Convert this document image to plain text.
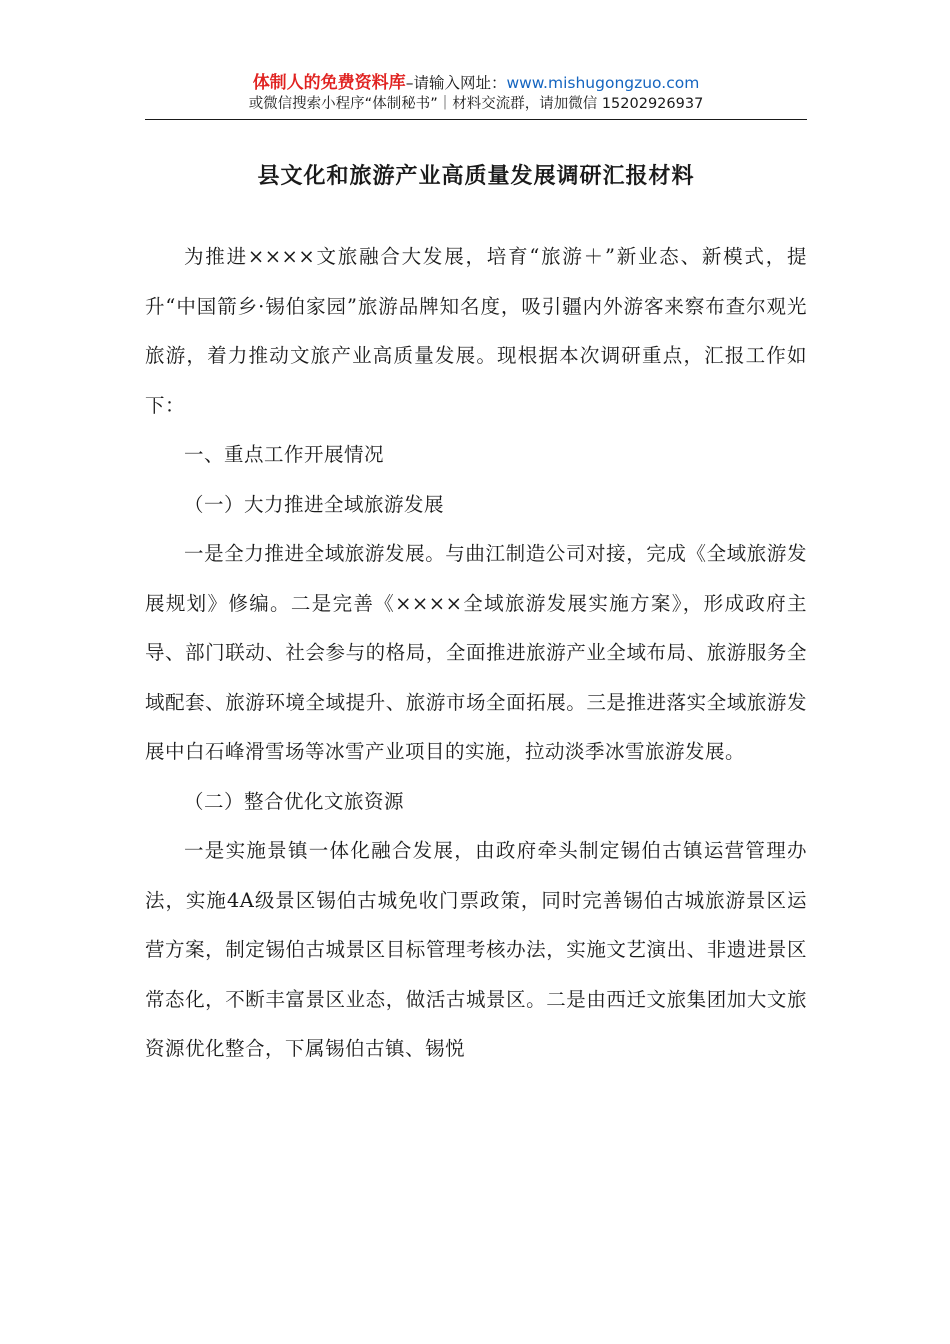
体制人的免费资料库–请输入网址：www.mishugongzuo.com
或微信搜索小程序“体制秘书”｜材料交流群，请加微信 15202926937
县文化和旅游产业高质量发展调研汇报材料

为推进××××文旅融合大发展，培育“旅游＋”新业态、新模式，提升“中国箭乡·锡伯家园”旅游品牌知名度，吸引疆内外游客来察布查尔观光旅游，着力推动文旅产业高质量发展。现根据本次调研重点，汇报工作如下：

一、重点工作开展情况

（一）大力推进全域旅游发展

一是全力推进全域旅游发展。与曲江制造公司对接，完成《全域旅游发展规划》修编。二是完善《××××全域旅游发展实施方案》，形成政府主导、部门联动、社会参与的格局，全面推进旅游产业全域布局、旅游服务全域配套、旅游环境全域提升、旅游市场全面拓展。三是推进落实全域旅游发展中白石峰滑雪场等冰雪产业项目的实施，拉动淡季冰雪旅游发展。

（二）整合优化文旅资源

一是实施景镇一体化融合发展，由政府牵头制定锡伯古镇运营管理办法，实施4A级景区锡伯古城免收门票政策，同时完善锡伯古城旅游景区运营方案，制定锡伯古城景区目标管理考核办法，实施文艺演出、非遗进景区常态化，不断丰富景区业态，做活古城景区。二是由西迁文旅集团加大文旅资源优化整合，下属锡伯古镇、锡悦
